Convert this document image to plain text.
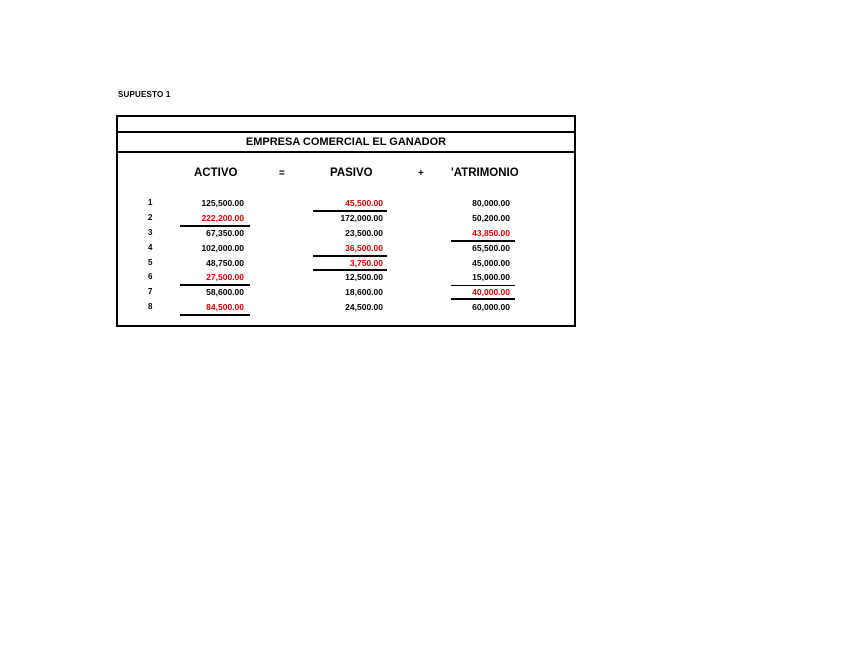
SUPUESTO 1
EMPRESA COMERCIAL EL GANADOR
ACTIVO	=	PASIVO	+ 'ATRIMONIO
1	125,500.00	45,500.00	80,000.00
2	222,200.00	172,000.00	50,200.00
3	67,350.00	23,500.00	43,850.00
4	102,000.00	36,500.00	65,500.00
5	48,750.00	3,750.00	45,000.00
6	27,500.00	12,500.00	15,000.00
7	58,600.00	18,600.00	40,000.00
8	84,500.00	24,500.00	60,000.00
